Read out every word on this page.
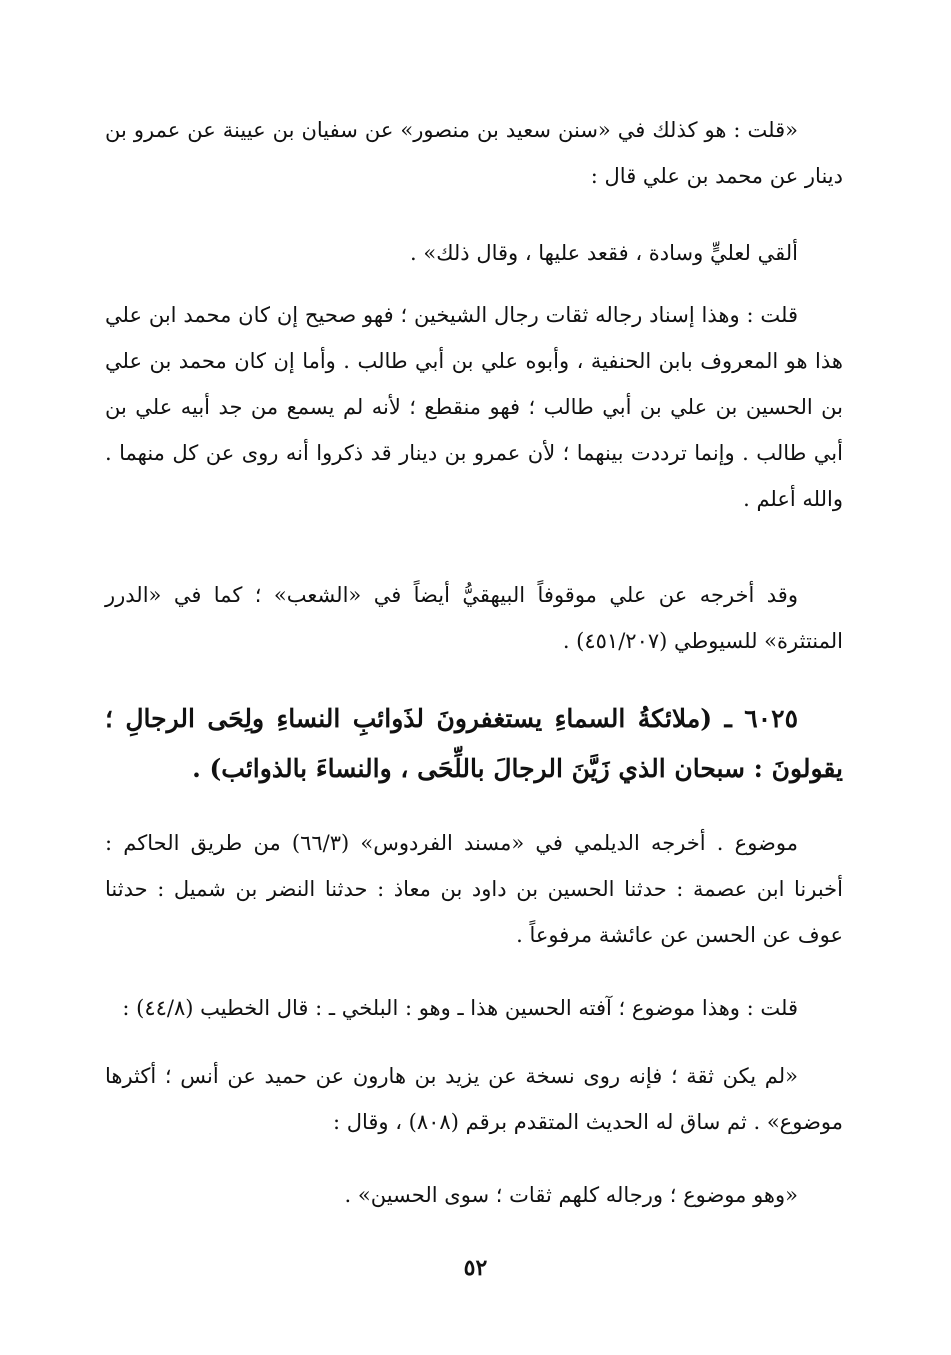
«قلت : هو كذلك في «سنن سعيد بن منصور» عن سفيان بن عيينة عن عمرو بن دينار عن محمد بن علي قال :

ألقي لعليٍّ وسادة ، فقعد عليها ، وقال ذلك» .

قلت : وهذا إسناد رجاله ثقات رجال الشيخين ؛ فهو صحيح إن كان محمد ابن علي هذا هو المعروف بابن الحنفية ، وأبوه علي بن أبي طالب . وأما إن كان محمد بن علي بن الحسين بن علي بن أبي طالب ؛ فهو منقطع ؛ لأنه لم يسمع من جد أبيه علي بن أبي طالب . وإنما ترددت بينهما ؛ لأن عمرو بن دينار قد ذكروا أنه روى عن كل منهما . والله أعلم .

وقد أخرجه عن علي موقوفاً البيهقيُّ أيضاً في «الشعب» ؛ كما في «الدرر المنتثرة» للسيوطي (٤٥١/٢٠٧) .

٦٠٢٥ ـ (ملائكةُ السماءِ يستغفرونَ لذَوائبِ النساءِ ولِحَى الرجالِ ؛ يقولونَ : سبحان الذي زَيَّنَ الرجالَ باللِّحَى ، والنساءَ بالذوائب) .

موضوع . أخرجه الديلمي في «مسند الفردوس» (٦٦/٣) من طريق الحاكم : أخبرنا ابن عصمة : حدثنا الحسين بن داود بن معاذ : حدثنا النضر بن شميل : حدثنا عوف عن الحسن عن عائشة مرفوعاً .

قلت : وهذا موضوع ؛ آفته الحسين هذا ـ وهو : البلخي ـ : قال الخطيب (٤٤/٨) :

«لم يكن ثقة ؛ فإنه روى نسخة عن يزيد بن هارون عن حميد عن أنس ؛ أكثرها موضوع» . ثم ساق له الحديث المتقدم برقم (٨٠٨) ، وقال :

«وهو موضوع ؛ ورجاله كلهم ثقات ؛ سوى الحسين» .

٥٢
